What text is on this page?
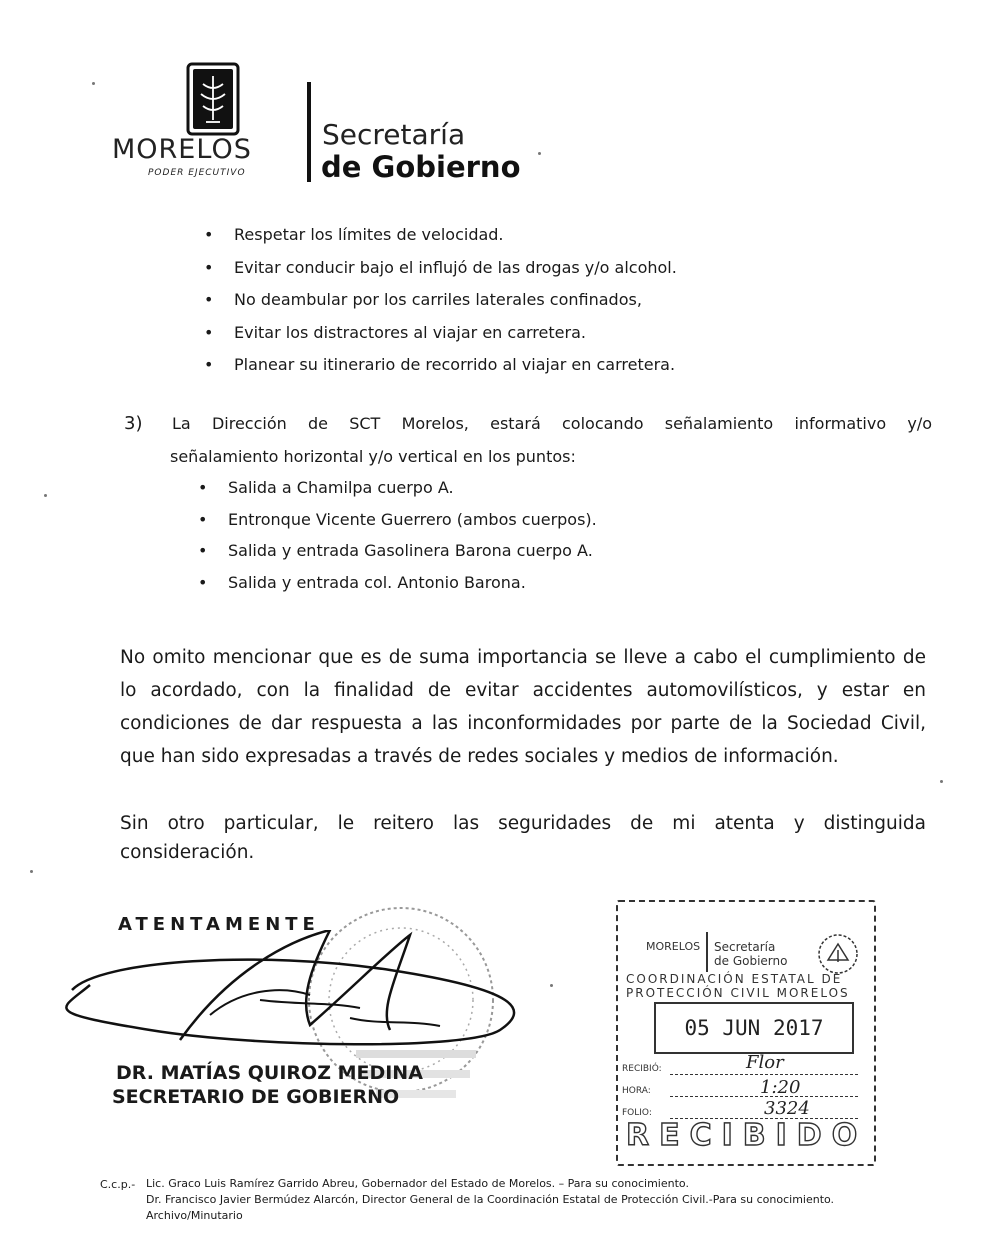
MORELOS
PODER EJECUTIVO
Secretaría
de Gobierno
• Respetar los límites de velocidad.
• Evitar conducir bajo el influjó de las drogas y/o alcohol.
• No deambular por los carriles laterales confinados,
• Evitar los distractores al viajar en carretera.
• Planear su itinerario de recorrido al viajar en carretera.
3) La Dirección de SCT Morelos, estará colocando señalamiento informativo y/o
señalamiento horizontal y/o vertical en los puntos:
• Salida a Chamilpa cuerpo A.
• Entronque Vicente Guerrero (ambos cuerpos).
• Salida y entrada Gasolinera Barona cuerpo A.
• Salida y entrada col. Antonio Barona.
No omito mencionar que es de suma importancia se lleve a cabo el cumplimiento de
lo acordado, con la finalidad de evitar accidentes automovilísticos, y estar en
condiciones de dar respuesta a las inconformidades por parte de la Sociedad Civil,
que han sido expresadas a través de redes sociales y medios de información.
Sin otro particular, le reitero las seguridades de mi atenta y distinguida
consideración.
ATENTAMENTE
DR. MATÍAS QUIROZ MEDINA
SECRETARIO DE GOBIERNO
MORELOS Secretaría
de Gobierno
COORDINACIÓN ESTATAL DE
PROTECCIÓN CIVIL MORELOS
05 JUN 2017
RECIBIÓ:	Flor
HORA:	1:20
FOLIO:	3324
RECIBIDO
C.c.p.- Lic. Graco Luis Ramírez Garrido Abreu, Gobernador del Estado de Morelos. – Para su conocimiento.
Dr. Francisco Javier Bermúdez Alarcón, Director General de la Coordinación Estatal de Protección Civil.-Para su conocimiento.
Archivo/Minutario
